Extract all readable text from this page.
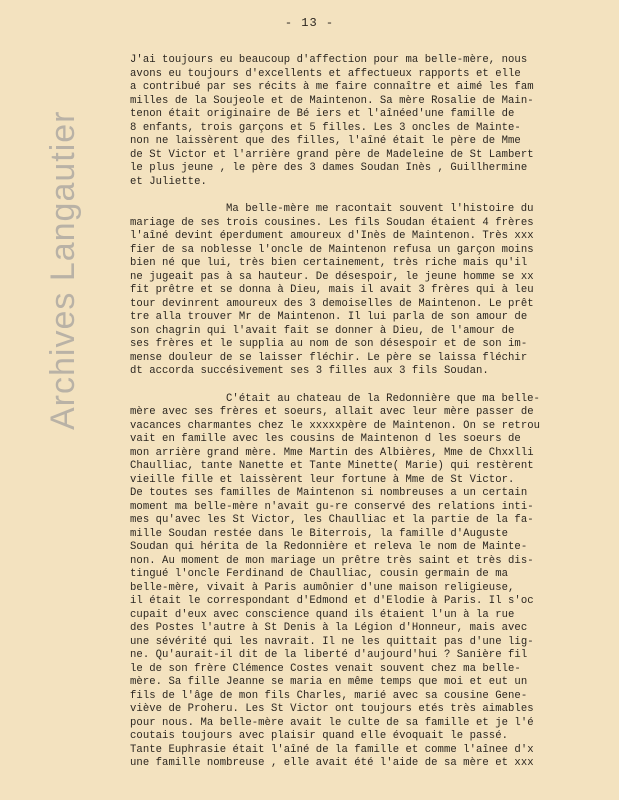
- 13 -
Archives Langautier
J'ai toujours eu beaucoup d'affection pour ma belle-mère, nous
avons eu toujours d'excellents et affectueux rapports et elle
a contribué par ses récits à me faire connaître et aimé les fam
milles de la Soujeole et de Maintenon. Sa mère Rosalie de Main-
tenon était originaire de Bé iers et l'aînéed'une famille de
8 enfants, trois garçons et 5 filles. Les 3 oncles de Mainte-
non ne laissèrent que des filles, l'aîné était le père de Mme
de St Victor et l'arrière grand père de Madeleine de St Lambert
le plus jeune , le père des 3 dames Soudan Inès , Guillhermine
et Juliette.
Ma belle-mère me racontait souvent l'histoire du
mariage de ses trois cousines. Les fils Soudan étaient 4 frères
l'aîné devint éperdument amoureux d'Inès de Maintenon. Très xxx
fier de sa noblesse l'oncle de Maintenon refusa un garçon moins
bien né que lui, très bien certainement, très riche mais qu'il
ne jugeait pas à sa hauteur. De désespoir, le jeune homme se xx
fit prêtre et se donna à Dieu, mais il avait 3 frères qui à leu
tour devinrent amoureux des 3 demoiselles de Maintenon. Le prêt
tre alla trouver Mr de Maintenon. Il lui parla de son amour de
son chagrin qui l'avait fait se donner à Dieu, de l'amour de
ses frères et le supplia au nom de son désespoir et de son im-
mense douleur de se laisser fléchir. Le père se laissa fléchir
dt accorda succésivement ses 3 filles aux 3 fils Soudan.
C'était au chateau de la Redonnière que ma belle-
mère avec ses frères et soeurs, allait avec leur mère passer de
vacances charmantes chez le xxxxxpère de Maintenon. On se retrou
vait en famille avec les cousins de Maintenon d les soeurs de
mon arrière grand mère. Mme Martin des Albières, Mme de Chxxlli
Chaulliac, tante Nanette et Tante Minette( Marie) qui restèrent
vieille fille et laissèrent leur fortune à Mme de St Victor.
De toutes ses familles de Maintenon si nombreuses a un certain
moment ma belle-mère n'avait gu-re conservé des relations inti-
mes qu'avec les St Victor, les Chaulliac et la partie de la fa-
mille Soudan restée dans le Biterrois, la famille d'Auguste
Soudan qui hérita de la Redonnière et releva le nom de Mainte-
non. Au moment de mon mariage un prêtre très saint et très dis-
tingué l'oncle Ferdinand de Chaulliac, cousin germain de ma
belle-mère, vivait à Paris aumônier d'une maison religieuse,
il était le correspondant d'Edmond et d'Elodie à Paris. Il s'oc
cupait d'eux avec conscience quand ils étaient l'un à la rue
des Postes l'autre à St Denis à la Légion d'Honneur, mais avec
une sévérité qui les navrait. Il ne les quittait pas d'une lig-
ne. Qu'aurait-il dit de la liberté d'aujourd'hui ? Sanière fil
le de son frère Clémence Costes venait souvent chez ma belle-
mère. Sa fille Jeanne se maria en même temps que moi et eut un
fils de l'âge de mon fils Charles, marié avec sa cousine Gene-
viève de Proheru. Les St Victor ont toujours etés très aimables
pour nous. Ma belle-mère avait le culte de sa famille et je l'é
coutais toujours avec plaisir quand elle évoquait le passé.
Tante Euphrasie était l'aîné de la famille et comme l'aînee d'x
une famille nombreuse , elle avait été l'aide de sa mère et xxx
